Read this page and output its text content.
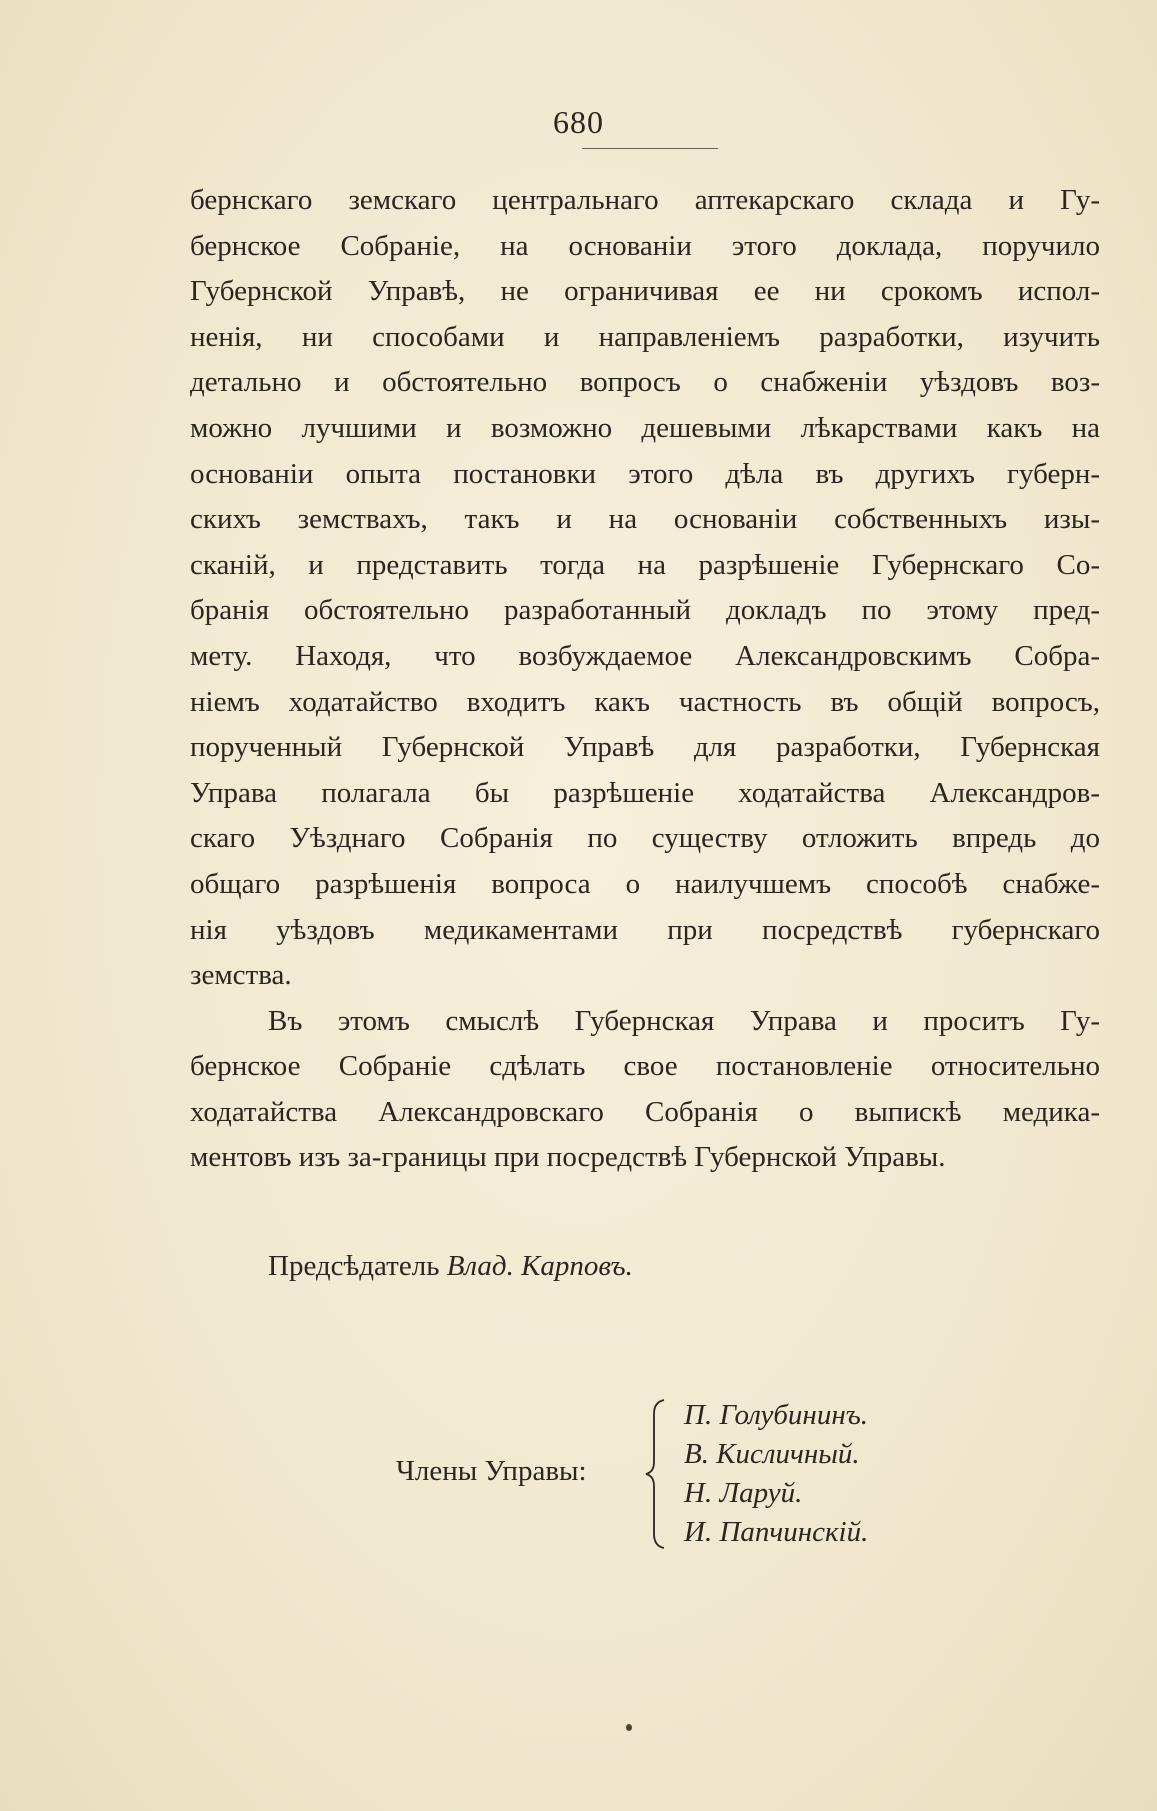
680
бернскаго земскаго центральнаго аптекарскаго склада и Гу-
бернское Собраніе, на основаніи этого доклада, поручило
Губернской Управѣ, не ограничивая ее ни срокомъ испол-
ненія, ни способами и направленіемъ разработки, изучить
детально и обстоятельно вопросъ о снабженіи уѣздовъ воз-
можно лучшими и возможно дешевыми лѣкарствами какъ на
основаніи опыта постановки этого дѣла въ другихъ губерн-
скихъ земствахъ, такъ и на основаніи собственныхъ изы-
сканій, и представить тогда на разрѣшеніе Губернскаго Со-
бранія обстоятельно разработанный докладъ по этому пред-
мету. Находя, что возбуждаемое Александровскимъ Собра-
ніемъ ходатайство входитъ какъ частность въ общій вопросъ,
порученный Губернской Управѣ для разработки, Губернская
Управа полагала бы разрѣшеніе ходатайства Александров-
скаго Уѣзднаго Собранія по существу отложить впредь до
общаго разрѣшенія вопроса о наилучшемъ способѣ снабже-
нія уѣздовъ медикаментами при посредствѣ губернскаго
земства.
Въ этомъ смыслѣ Губернская Управа и проситъ Гу-
бернское Собраніе сдѣлать свое постановленіе относительно
ходатайства Александровскаго Собранія о выпискѣ медика-
ментовъ изъ за-границы при посредствѣ Губернской Управы.
Предсѣдатель Влад. Карповъ.
Члены Управы:
П. Голубининъ.
В. Кисличный.
Н. Ларуй.
И. Папчинскій.
